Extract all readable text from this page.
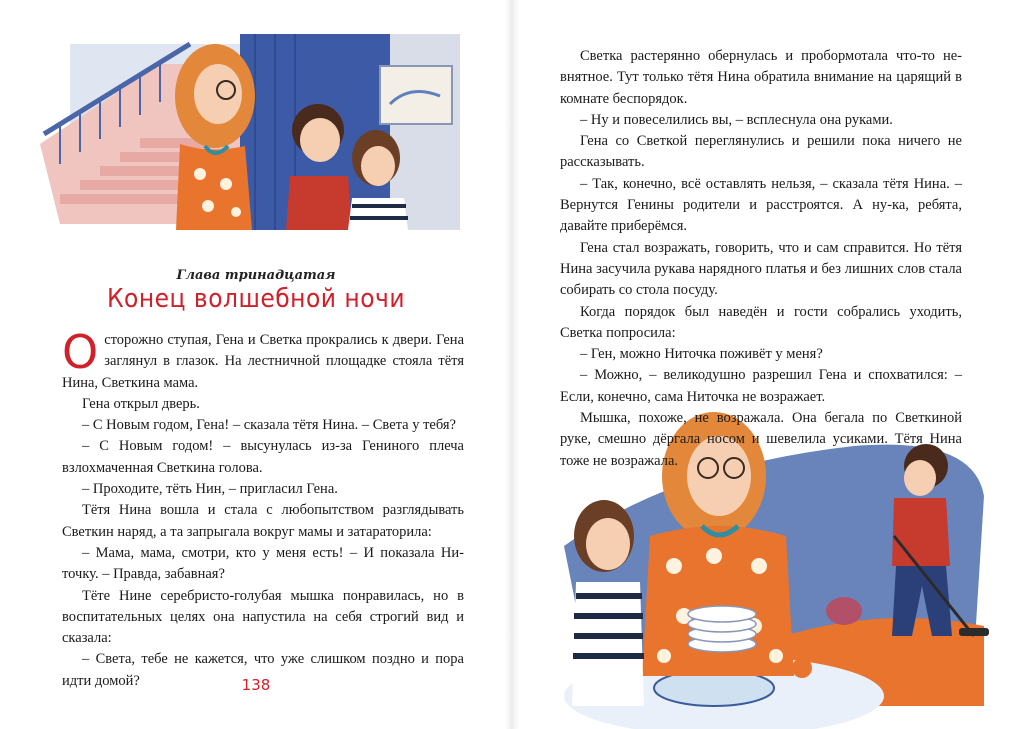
Глава тринадцатая
Конец волшебной ночи

Осторожно ступая, Гена и Светка прокрались к двери. Гена заглянул в глазок. На лестничной площадке стояла тётя Нина, Светкина мама.

Гена открыл дверь.

– С Новым годом, Гена! – сказала тётя Нина. – Света у тебя?

– С Новым годом! – высунулась из-за Гениного плеча взлохмаченная Светкина голова.

– Проходите, тёть Нин, – пригласил Гена.

Тётя Нина вошла и стала с любопытством разглядывать Светкин наряд, а та запрыгала вокруг мамы и затараторила:

– Мама, мама, смотри, кто у меня есть! – И показала Ниточку. – Правда, забавная?

Тёте Нине серебристо-голубая мышка понравилась, но в воспитательных целях она напустила на себя строгий вид и сказала:

– Света, тебе не кажется, что уже слишком поздно и пора идти домой?	138

Светка растерянно обернулась и пробормотала что-то невнятное. Тут только тётя Нина обратила внимание на царящий в комнате беспорядок.

– Ну и повеселились вы, – всплеснула она руками.

Гена со Светкой переглянулись и решили пока ничего не рассказывать.

– Так, конечно, всё оставлять нельзя, – сказала тётя Нина. – Вернутся Генины родители и расстроятся. А ну-ка, ребята, давайте приберёмся.

Гена стал возражать, говорить, что и сам справится. Но тётя Нина засучила рукава нарядного платья и без лишних слов стала собирать со стола посуду.

Когда порядок был наведён и гости собрались уходить, Светка попросила:

– Ген, можно Ниточка поживёт у меня?

– Можно, – великодушно разрешил Гена и спохватился: – Если, конечно, сама Ниточка не возражает.

Мышка, похоже, не возражала. Она бегала по Светкиной руке, смешно дёргала носом и шевелила усиками. Тётя Нина тоже не возражала.
